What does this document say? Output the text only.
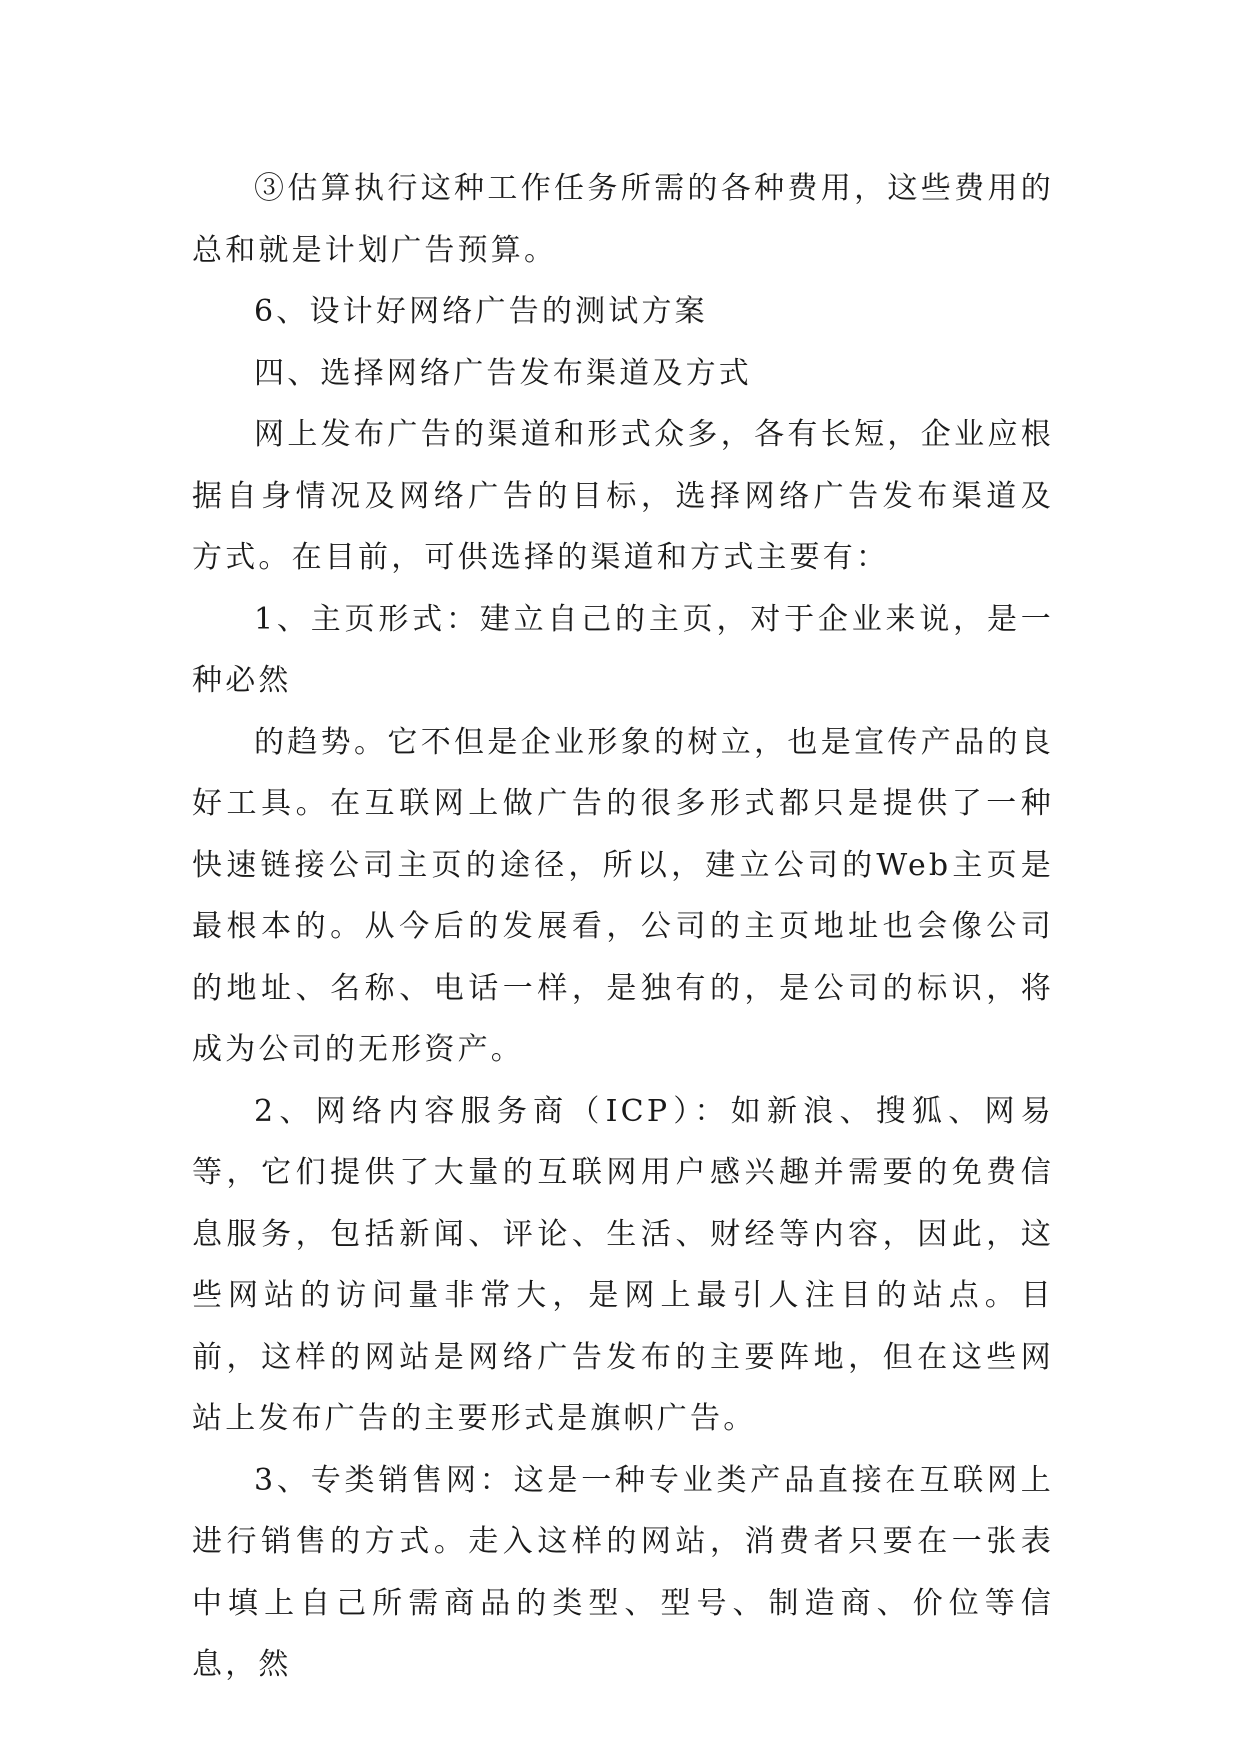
③估算执行这种工作任务所需的各种费用，这些费用的总和就是计划广告预算。

6、设计好网络广告的测试方案

四、选择网络广告发布渠道及方式

网上发布广告的渠道和形式众多，各有长短，企业应根据自身情况及网络广告的目标，选择网络广告发布渠道及方式。在目前，可供选择的渠道和方式主要有：

1、主页形式：建立自己的主页，对于企业来说，是一种必然

的趋势。它不但是企业形象的树立，也是宣传产品的良好工具。在互联网上做广告的很多形式都只是提供了一种快速链接公司主页的途径，所以，建立公司的Web主页是最根本的。从今后的发展看，公司的主页地址也会像公司的地址、名称、电话一样，是独有的，是公司的标识，将成为公司的无形资产。

2、网络内容服务商（ICP）：如新浪、搜狐、网易等，它们提供了大量的互联网用户感兴趣并需要的免费信息服务，包括新闻、评论、生活、财经等内容，因此，这些网站的访问量非常大，是网上最引人注目的站点。目前，这样的网站是网络广告发布的主要阵地，但在这些网站上发布广告的主要形式是旗帜广告。

3、专类销售网：这是一种专业类产品直接在互联网上进行销售的方式。走入这样的网站，消费者只要在一张表中填上自己所需商品的类型、型号、制造商、价位等信息，然
